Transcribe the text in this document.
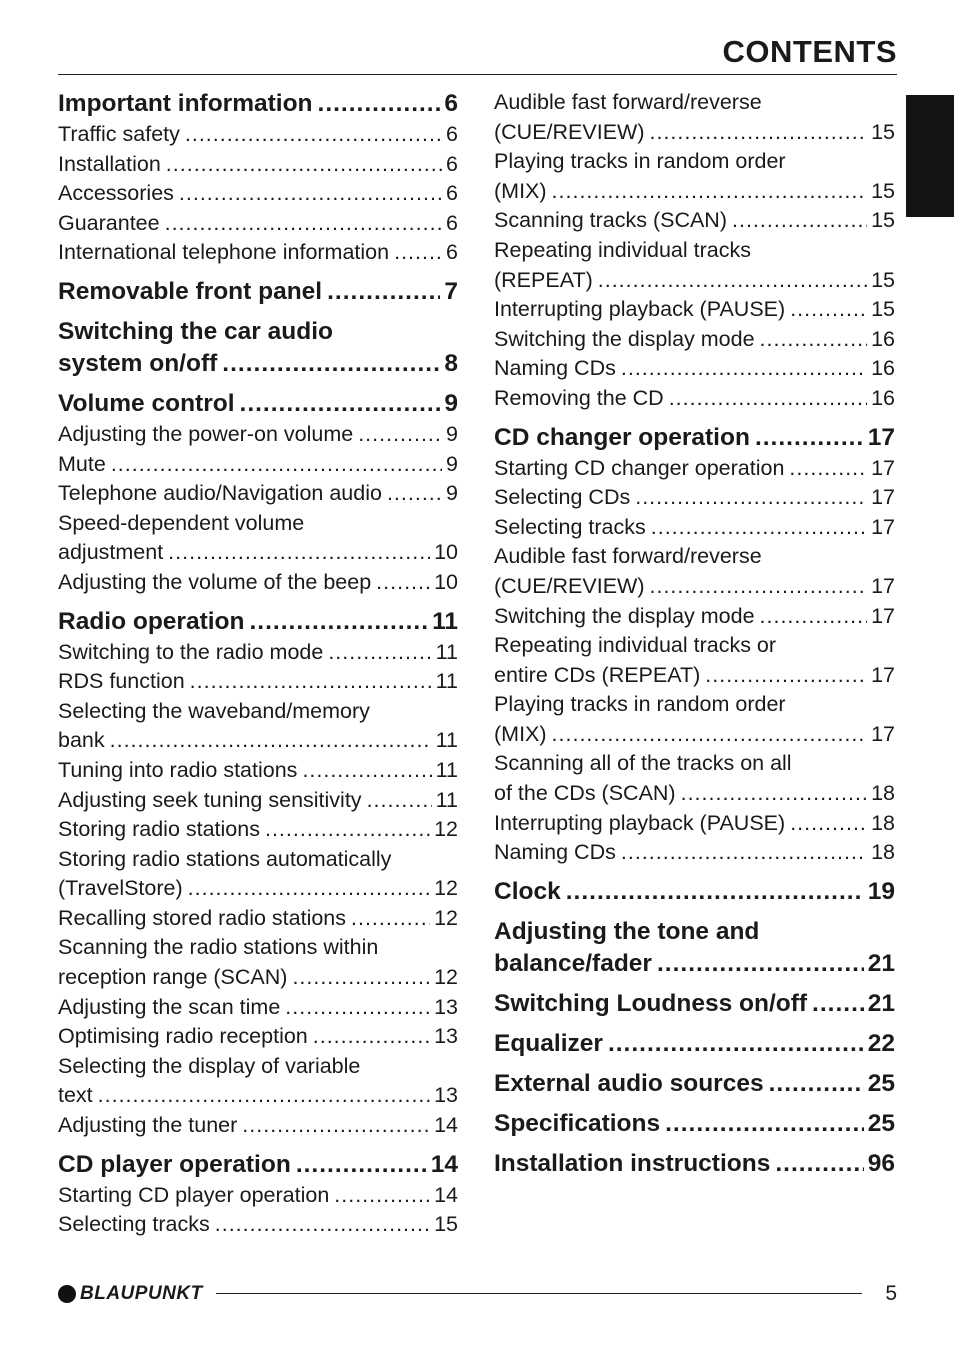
CONTENTS
Important information .....	6
Traffic safety .....	6
Installation .....	6
Accessories .....	6
Guarantee .....	6
International telephone information .....	6
Removable front panel .....	7
Switching the car audio
system on/off .....	8
Volume control .....	9
Adjusting the power-on volume .....	9
Mute .....	9
Telephone audio/Navigation audio .....	9
Speed-dependent volume
adjustment .....	10
Adjusting the volume of the beep .....	10
Radio operation .....	11
Switching to the radio mode .....	11
RDS function .....	11
Selecting the waveband/memory
bank .....	11
Tuning into radio stations .....	11
Adjusting seek tuning sensitivity .....	11
Storing radio stations .....	12
Storing radio stations automatically
(TravelStore) .....	12
Recalling stored radio stations .....	12
Scanning the radio stations within
reception range (SCAN) .....	12
Adjusting the scan time .....	13
Optimising radio reception .....	13
Selecting the display of variable
text .....	13
Adjusting the tuner .....	14
CD player operation .....	14
Starting CD player operation .....	14
Selecting tracks .....	15
Audible fast forward/reverse
(CUE/REVIEW) .....	15
Playing tracks in random order
(MIX) .....	15
Scanning tracks (SCAN) .....	15
Repeating individual tracks
(REPEAT) .....	15
Interrupting playback (PAUSE) .....	15
Switching the display mode .....	16
Naming CDs .....	16
Removing the CD .....	16
CD changer operation .....	17
Starting CD changer operation .....	17
Selecting CDs .....	17
Selecting tracks .....	17
Audible fast forward/reverse
(CUE/REVIEW) .....	17
Switching the display mode .....	17
Repeating individual tracks or
entire CDs (REPEAT) .....	17
Playing tracks in random order
(MIX) .....	17
Scanning all of the tracks on all
of the CDs (SCAN) .....	18
Interrupting playback (PAUSE) .....	18
Naming CDs .....	18
Clock .....	19
Adjusting the tone and
balance/fader .....	21
Switching Loudness on/off ..... 21
Equalizer .....	22
External audio sources .....	25
Specifications .....	25
Installation instructions .....	96
BLAUPUNKT	5
